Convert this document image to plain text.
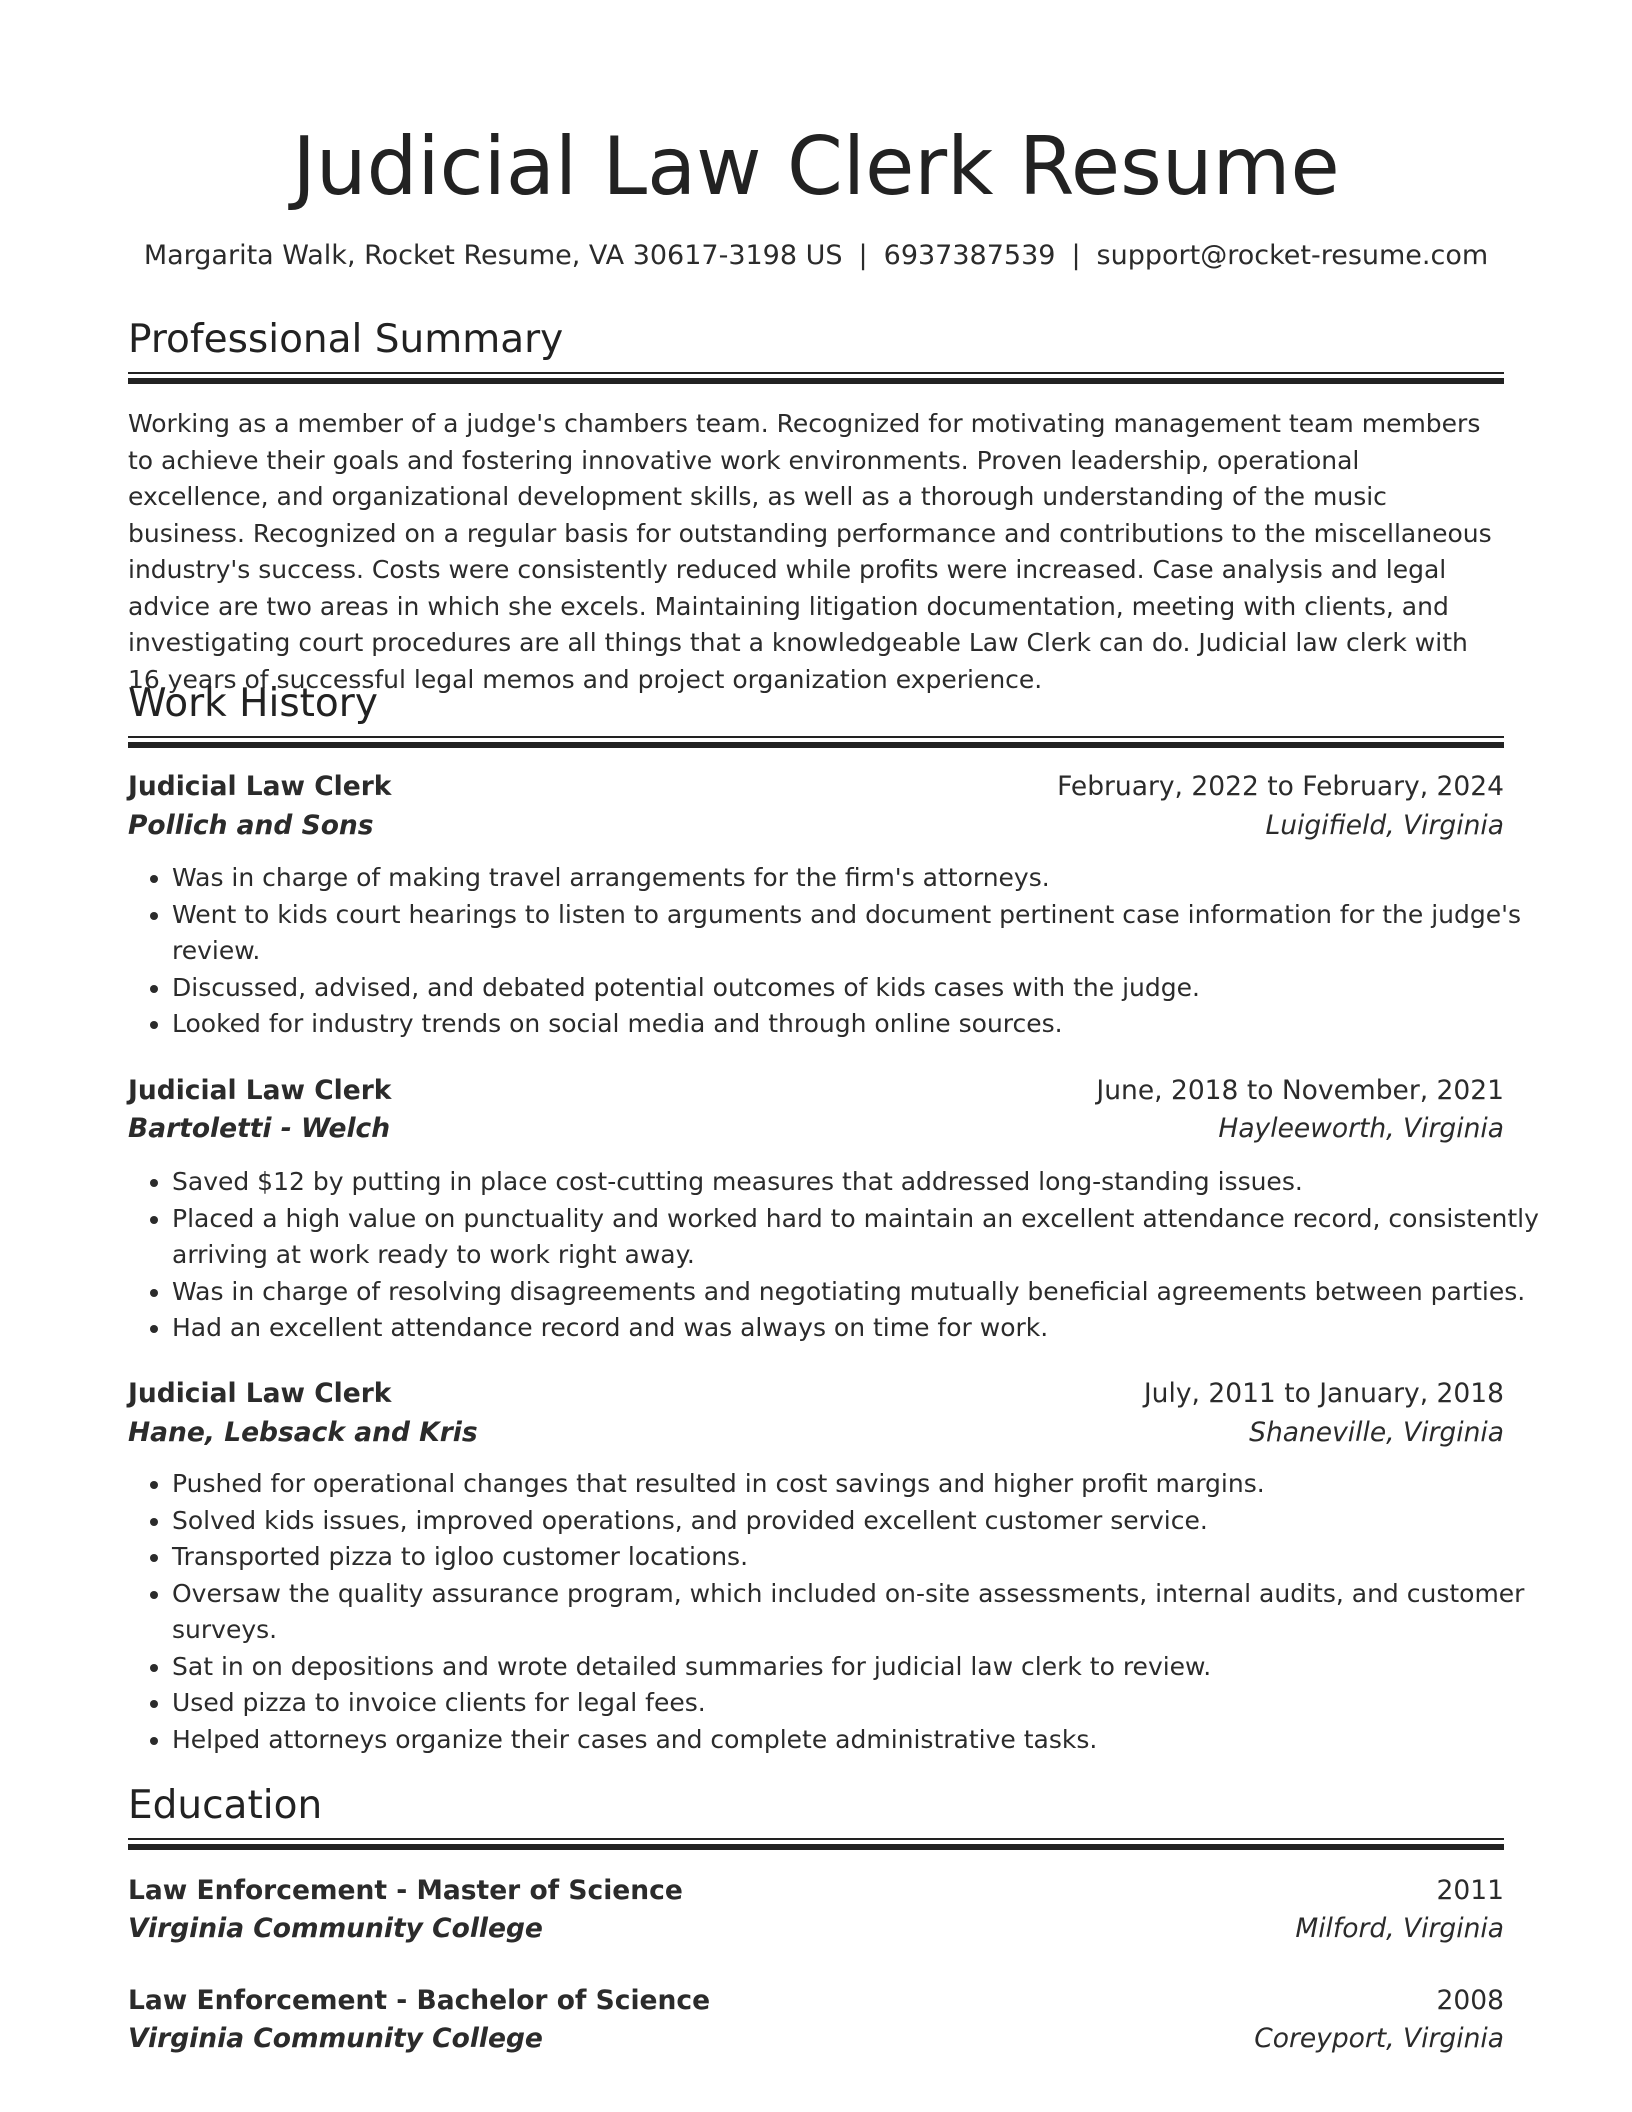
Judicial Law Clerk Resume
Margarita Walk, Rocket Resume, VA 30617-3198 US | 6937387539 | support@rocket-resume.com
Professional Summary

Working as a member of a judge's chambers team. Recognized for motivating management team members to achieve their goals and fostering innovative work environments. Proven leadership, operational excellence, and organizational development skills, as well as a thorough understanding of the music business. Recognized on a regular basis for outstanding performance and contributions to the miscellaneous industry's success. Costs were consistently reduced while profits were increased. Case analysis and legal advice are two areas in which she excels. Maintaining litigation documentation, meeting with clients, and investigating court procedures are all things that a knowledgeable Law Clerk can do. Judicial law clerk with 16 years of successful legal memos and project organization experience.

Work History
Judicial Law Clerk	February, 2022 to February, 2024
Pollich and Sons	Luigifield, Virginia
• Was in charge of making travel arrangements for the firm's attorneys.
• Went to kids court hearings to listen to arguments and document pertinent case information for the judge's review.
• Discussed, advised, and debated potential outcomes of kids cases with the judge.
• Looked for industry trends on social media and through online sources.
Judicial Law Clerk	June, 2018 to November, 2021
Bartoletti - Welch	Hayleeworth, Virginia
• Saved $12 by putting in place cost-cutting measures that addressed long-standing issues.
• Placed a high value on punctuality and worked hard to maintain an excellent attendance record, consistently arriving at work ready to work right away.
• Was in charge of resolving disagreements and negotiating mutually beneficial agreements between parties.
• Had an excellent attendance record and was always on time for work.
Judicial Law Clerk	July, 2011 to January, 2018
Hane, Lebsack and Kris	Shaneville, Virginia
• Pushed for operational changes that resulted in cost savings and higher profit margins.
• Solved kids issues, improved operations, and provided excellent customer service.
• Transported pizza to igloo customer locations.
• Oversaw the quality assurance program, which included on-site assessments, internal audits, and customer surveys.
• Sat in on depositions and wrote detailed summaries for judicial law clerk to review.
• Used pizza to invoice clients for legal fees.
• Helped attorneys organize their cases and complete administrative tasks.
Education
Law Enforcement - Master of Science	2011
Virginia Community College	Milford, Virginia
Law Enforcement - Bachelor of Science	2008
Virginia Community College	Coreyport, Virginia
